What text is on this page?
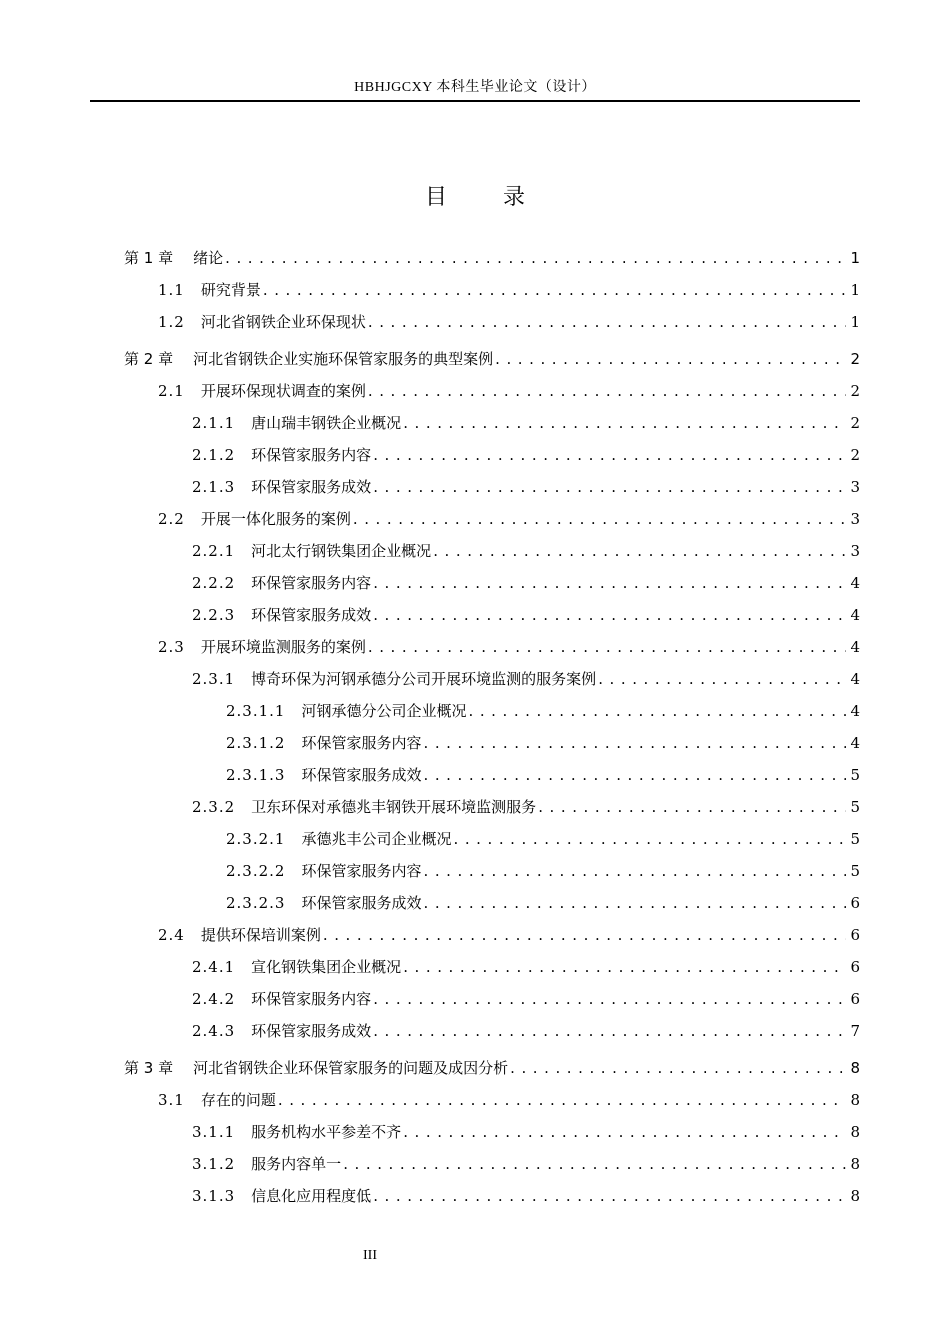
HBHJGCXY 本科生毕业论文（设计）
目	录
第 1 章 绪论 . . .	1
1.1 研究背景 . . .	1
1.2 河北省钢铁企业环保现状 . . .	1
第 2 章 河北省钢铁企业实施环保管家服务的典型案例 . . .	2
2.1 开展环保现状调查的案例 . . .	2
2.1.1 唐山瑞丰钢铁企业概况 . . .	2
2.1.2 环保管家服务内容 . . .	2
2.1.3 环保管家服务成效 . . .	3
2.2 开展一体化服务的案例 . . .	3
2.2.1 河北太行钢铁集团企业概况 . . .	3
2.2.2 环保管家服务内容 . . .	4
2.2.3 环保管家服务成效 . . .	4
2.3 开展环境监测服务的案例 . . .	4
2.3.1 博奇环保为河钢承德分公司开展环境监测的服务案例 . . .	4
2.3.1.1 河钢承德分公司企业概况 . . .	4
2.3.1.2 环保管家服务内容 . . .	4
2.3.1.3 环保管家服务成效 . . .	5
2.3.2 卫东环保对承德兆丰钢铁开展环境监测服务 . . .	5
2.3.2.1 承德兆丰公司企业概况 . . .	5
2.3.2.2 环保管家服务内容 . . .	5
2.3.2.3 环保管家服务成效 . . .	6
2.4 提供环保培训案例 . . .	6
2.4.1 宣化钢铁集团企业概况 . . .	6
2.4.2 环保管家服务内容 . . .	6
2.4.3 环保管家服务成效 . . .	7
第 3 章 河北省钢铁企业环保管家服务的问题及成因分析 . . .	8
3.1 存在的问题 . . .	8
3.1.1 服务机构水平参差不齐 . . .	8
3.1.2 服务内容单一 . . .	8
3.1.3 信息化应用程度低 . . .	8
III
